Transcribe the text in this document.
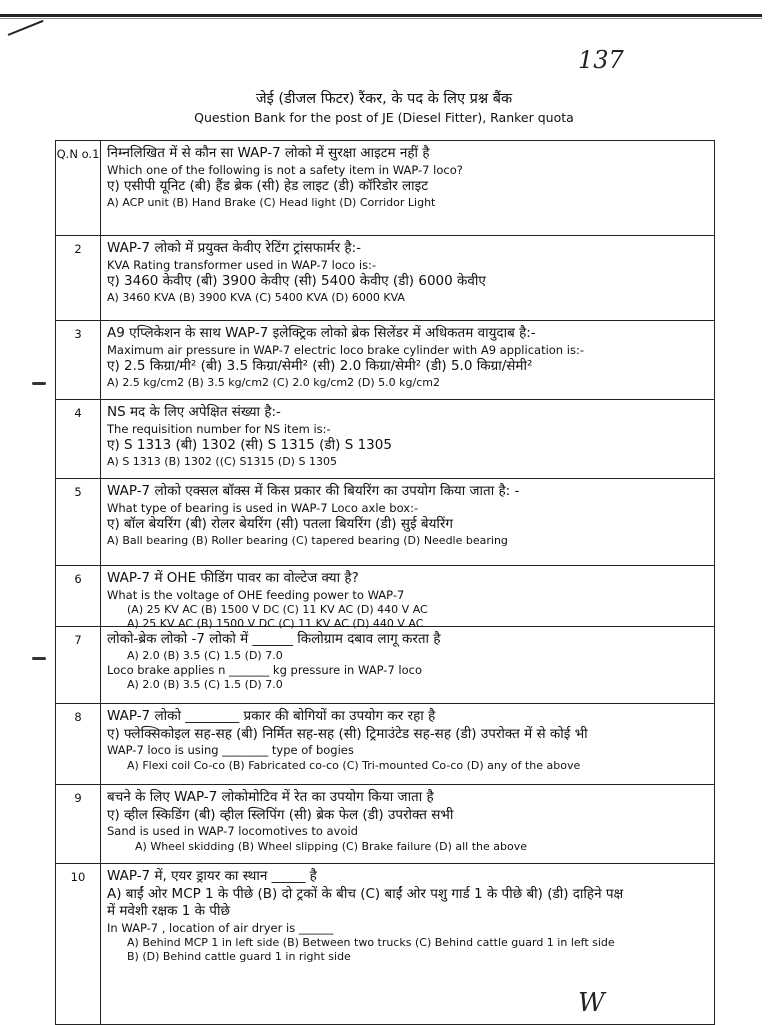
137
जेई (डीजल फिटर) रैंकर, के पद के लिए प्रश्न बैंक
Question Bank for the post of JE (Diesel Fitter), Ranker quota
Q.N o.1 निम्नलिखित में से कौन सा WAP-7 लोको में सुरक्षा आइटम नहीं है
Which one of the following is not a safety item in WAP-7 loco?
ए) एसीपी यूनिट (बी) हैंड ब्रेक (सी) हेड लाइट (डी) कॉरिडोर लाइट
A) ACP unit (B) Hand Brake (C) Head light (D) Corridor Light
2	WAP-7 लोको में प्रयुक्त केवीए रेटिंग ट्रांसफार्मर है:-
KVA Rating transformer used in WAP-7 loco is:-
ए) 3460 केवीए (बी) 3900 केवीए (सी) 5400 केवीए (डी) 6000 केवीए
A) 3460 KVA (B) 3900 KVA (C) 5400 KVA (D) 6000 KVA
3	A9 एप्लिकेशन के साथ WAP-7 इलेक्ट्रिक लोको ब्रेक सिलेंडर में अधिकतम वायुदाब है:-
Maximum air pressure in WAP-7 electric loco brake cylinder with A9 application is:-
ए) 2.5 किग्रा/मी² (बी) 3.5 किग्रा/सेमी² (सी) 2.0 किग्रा/सेमी² (डी) 5.0 किग्रा/सेमी²
A) 2.5 kg/cm2 (B) 3.5 kg/cm2 (C) 2.0 kg/cm2 (D) 5.0 kg/cm2
4	NS मद के लिए अपेक्षित संख्या है:-
The requisition number for NS item is:-
ए) S 1313 (बी) 1302 (सी) S 1315 (डी) S 1305
A) S 1313 (B) 1302 ((C) S1315 (D) S 1305
5	WAP-7 लोको एक्सल बॉक्स में किस प्रकार की बियरिंग का उपयोग किया जाता है: -
What type of bearing is used in WAP-7 Loco axle box:-
ए) बॉल बेयरिंग (बी) रोलर बेयरिंग (सी) पतला बियरिंग (डी) सुई बेयरिंग
A) Ball bearing (B) Roller bearing (C) tapered bearing (D) Needle bearing
6	WAP-7 में OHE फीडिंग पावर का वोल्टेज क्या है?
What is the voltage of OHE feeding power to WAP-7
(A) 25 KV AC (B) 1500 V DC (C) 11 KV AC (D) 440 V AC
A) 25 KV AC (B) 1500 V DC (C) 11 KV AC (D) 440 V AC
7	लोको-ब्रेक लोको -7 लोको में ______ किलोग्राम दबाव लागू करता है
A) 2.0 (B) 3.5 (C) 1.5 (D) 7.0
Loco brake applies n _______ kg pressure in WAP-7 loco
A) 2.0 (B) 3.5 (C) 1.5 (D) 7.0
8	WAP-7 लोको ________ प्रकार की बोगियों का उपयोग कर रहा है
ए) फ्लेक्सिकोइल सह-सह (बी) निर्मित सह-सह (सी) ट्रिमाउंटेड सह-सह (डी) उपरोक्त में से कोई भी
WAP-7 loco is using ________ type of bogies
A) Flexi coil Co-co (B) Fabricated co-co (C) Tri-mounted Co-co (D) any of the above
9	बचने के लिए WAP-7 लोकोमोटिव में रेत का उपयोग किया जाता है
ए) व्हील स्किडिंग (बी) व्हील स्लिपिंग (सी) ब्रेक फेल (डी) उपरोक्त सभी
Sand is used in WAP-7 locomotives to avoid
A) Wheel skidding (B) Wheel slipping (C) Brake failure (D) all the above
10	WAP-7 में, एयर ड्रायर का स्थान _____ है
A) बाईं ओर MCP 1 के पीछे (B) दो ट्रकों के बीच (C) बाईं ओर पशु गार्ड 1 के पीछे बी) (डी) दाहिने पक्ष
में मवेशी रक्षक 1 के पीछे
In WAP-7 , location of air dryer is ______
A) Behind MCP 1 in left side (B) Between two trucks (C) Behind cattle guard 1 in left side
B) (D) Behind cattle guard 1 in right side
W
